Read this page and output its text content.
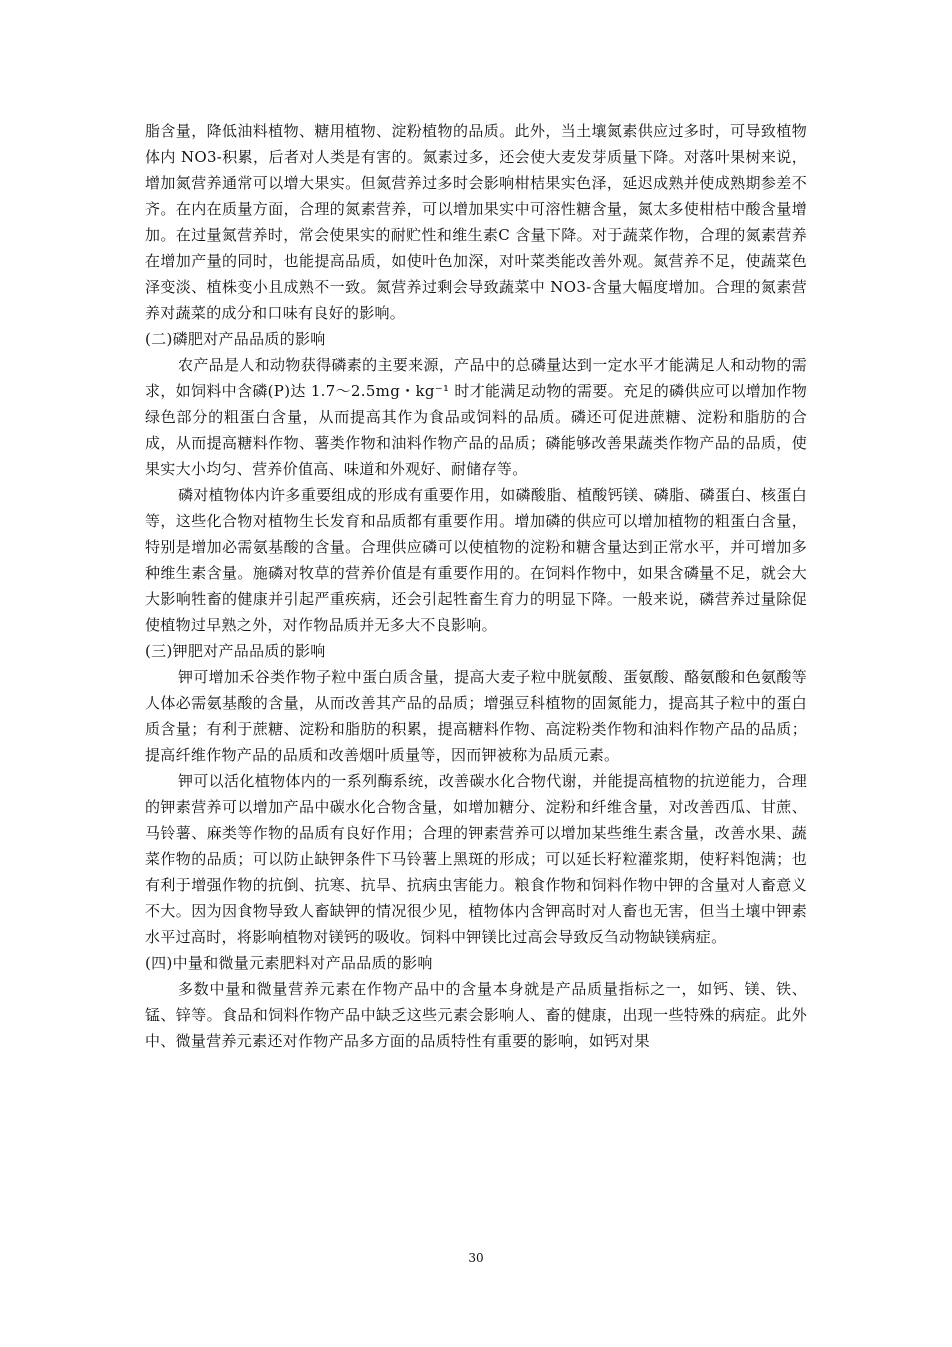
脂含量，降低油料植物、糖用植物、淀粉植物的品质。此外，当土壤氮素供应过多时，可导致植物体内 NO3-积累，后者对人类是有害的。氮素过多，还会使大麦发芽质量下降。对落叶果树来说，增加氮营养通常可以增大果实。但氮营养过多时会影响柑桔果实色泽，延迟成熟并使成熟期参差不齐。在内在质量方面，合理的氮素营养，可以增加果实中可溶性糖含量，氮太多使柑桔中酸含量增加。在过量氮营养时，常会使果实的耐贮性和维生素C 含量下降。对于蔬菜作物，合理的氮素营养在增加产量的同时，也能提高品质，如使叶色加深，对叶菜类能改善外观。氮营养不足，使蔬菜色泽变淡、植株变小且成熟不一致。氮营养过剩会导致蔬菜中 NO3-含量大幅度增加。合理的氮素营养对蔬菜的成分和口味有良好的影响。

(二)磷肥对产品品质的影响

农产品是人和动物获得磷素的主要来源，产品中的总磷量达到一定水平才能满足人和动物的需求，如饲料中含磷(P)达 1.7～2.5mg・kg⁻¹ 时才能满足动物的需要。充足的磷供应可以增加作物绿色部分的粗蛋白含量，从而提高其作为食品或饲料的品质。磷还可促进蔗糖、淀粉和脂肪的合成，从而提高糖料作物、薯类作物和油料作物产品的品质；磷能够改善果蔬类作物产品的品质，使果实大小均匀、营养价值高、味道和外观好、耐储存等。

磷对植物体内许多重要组成的形成有重要作用，如磷酸脂、植酸钙镁、磷脂、磷蛋白、核蛋白等，这些化合物对植物生长发育和品质都有重要作用。增加磷的供应可以增加植物的粗蛋白含量，特别是增加必需氨基酸的含量。合理供应磷可以使植物的淀粉和糖含量达到正常水平，并可增加多种维生素含量。施磷对牧草的营养价值是有重要作用的。在饲料作物中，如果含磷量不足，就会大大影响牲畜的健康并引起严重疾病，还会引起牲畜生育力的明显下降。一般来说，磷营养过量除促使植物过早熟之外，对作物品质并无多大不良影响。

(三)钾肥对产品品质的影响

钾可增加禾谷类作物子粒中蛋白质含量，提高大麦子粒中胱氨酸、蛋氨酸、酪氨酸和色氨酸等人体必需氨基酸的含量，从而改善其产品的品质；增强豆科植物的固氮能力，提高其子粒中的蛋白质含量；有利于蔗糖、淀粉和脂肪的积累，提高糖料作物、高淀粉类作物和油料作物产品的品质；提高纤维作物产品的品质和改善烟叶质量等，因而钾被称为品质元素。

钾可以活化植物体内的一系列酶系统，改善碳水化合物代谢，并能提高植物的抗逆能力，合理的钾素营养可以增加产品中碳水化合物含量，如增加糖分、淀粉和纤维含量，对改善西瓜、甘蔗、马铃薯、麻类等作物的品质有良好作用；合理的钾素营养可以增加某些维生素含量，改善水果、蔬菜作物的品质；可以防止缺钾条件下马铃薯上黑斑的形成；可以延长籽粒灌浆期，使籽料饱满；也有利于增强作物的抗倒、抗寒、抗旱、抗病虫害能力。粮食作物和饲料作物中钾的含量对人畜意义不大。因为因食物导致人畜缺钾的情况很少见，植物体内含钾高时对人畜也无害，但当土壤中钾素水平过高时，将影响植物对镁钙的吸收。饲料中钾镁比过高会导致反刍动物缺镁病症。

(四)中量和微量元素肥料对产品品质的影响

多数中量和微量营养元素在作物产品中的含量本身就是产品质量指标之一，如钙、镁、铁、锰、锌等。食品和饲料作物产品中缺乏这些元素会影响人、畜的健康，出现一些特殊的病症。此外中、微量营养元素还对作物产品多方面的品质特性有重要的影响，如钙对果

30
